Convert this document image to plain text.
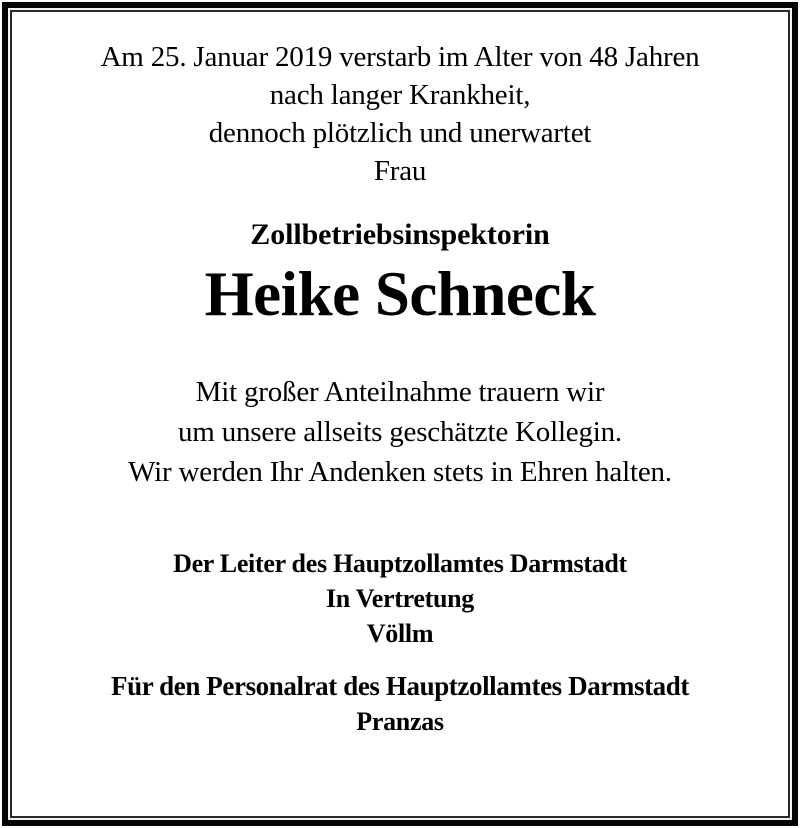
Am 25. Januar 2019 verstarb im Alter von 48 Jahren
nach langer Krankheit,
dennoch plötzlich und unerwartet
Frau
Zollbetriebsinspektorin
Heike Schneck
Mit großer Anteilnahme trauern wir
um unsere allseits geschätzte Kollegin.
Wir werden Ihr Andenken stets in Ehren halten.
Der Leiter des Hauptzollamtes Darmstadt
In Vertretung
Völlm
Für den Personalrat des Hauptzollamtes Darmstadt
Pranzas
